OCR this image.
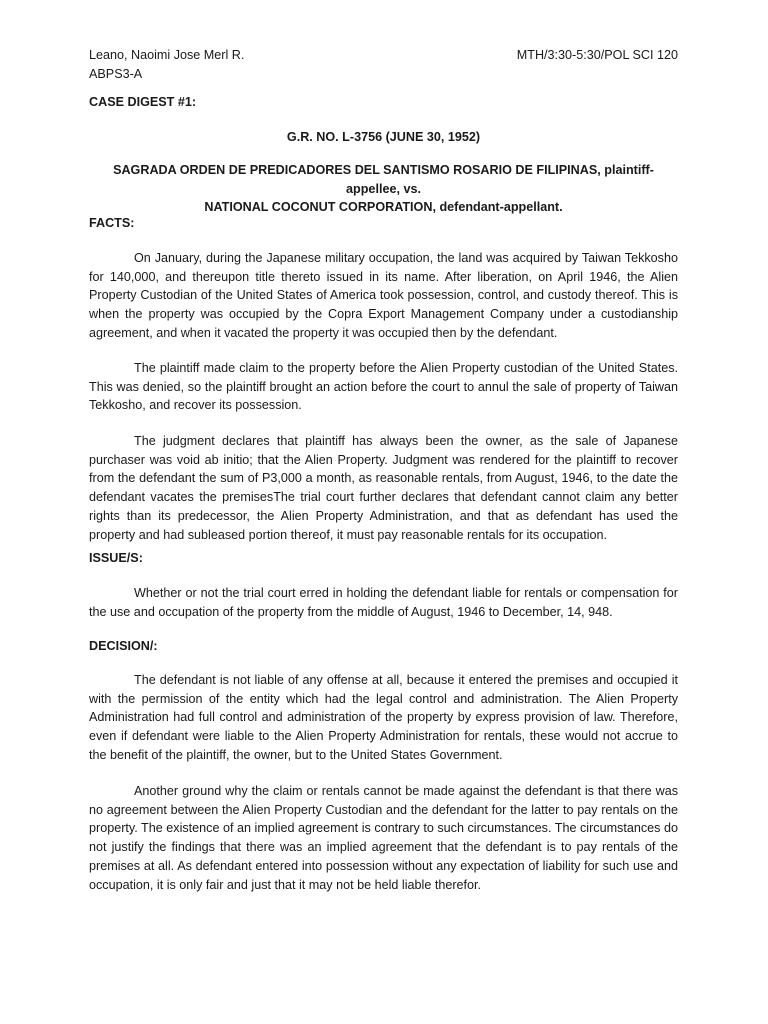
Leano, Naoimi Jose Merl R.

ABPS3-A

MTH/3:30-5:30/POL SCI 120

CASE DIGEST #1:

G.R. NO. L-3756 (JUNE 30, 1952)

SAGRADA ORDEN DE PREDICADORES DEL SANTISMO ROSARIO DE FILIPINAS, plaintiff-appellee, vs.
NATIONAL COCONUT CORPORATION, defendant-appellant.

FACTS:

On January, during the Japanese military occupation, the land was acquired by Taiwan Tekkosho for 140,000, and thereupon title thereto issued in its name. After liberation, on April 1946, the Alien Property Custodian of the United States of America took possession, control, and custody thereof. This is when the property was occupied by the Copra Export Management Company under a custodianship agreement, and when it vacated the property it was occupied then by the defendant.

The plaintiff made claim to the property before the Alien Property custodian of the United States. This was denied, so the plaintiff brought an action before the court to annul the sale of property of Taiwan Tekkosho, and recover its possession.

The judgment declares that plaintiff has always been the owner, as the sale of Japanese purchaser was void ab initio; that the Alien Property. Judgment was rendered for the plaintiff to recover from the defendant the sum of P3,000 a month, as reasonable rentals, from August, 1946, to the date the defendant vacates the premisesThe trial court further declares that defendant cannot claim any better rights than its predecessor, the Alien Property Administration, and that as defendant has used the property and had subleased portion thereof, it must pay reasonable rentals for its occupation.

ISSUE/S:

Whether or not the trial court erred in holding the defendant liable for rentals or compensation for the use and occupation of the property from the middle of August, 1946 to December, 14, 948.

DECISION/:

The defendant is not liable of any offense at all, because it entered the premises and occupied it with the permission of the entity which had the legal control and administration. The Alien Property Administration had full control and administration of the property by express provision of law. Therefore, even if defendant were liable to the Alien Property Administration for rentals, these would not accrue to the benefit of the plaintiff, the owner, but to the United States Government.

Another ground why the claim or rentals cannot be made against the defendant is that there was no agreement between the Alien Property Custodian and the defendant for the latter to pay rentals on the property. The existence of an implied agreement is contrary to such circumstances. The circumstances do not justify the findings that there was an implied agreement that the defendant is to pay rentals of the premises at all. As defendant entered into possession without any expectation of liability for such use and occupation, it is only fair and just that it may not be held liable therefor.
